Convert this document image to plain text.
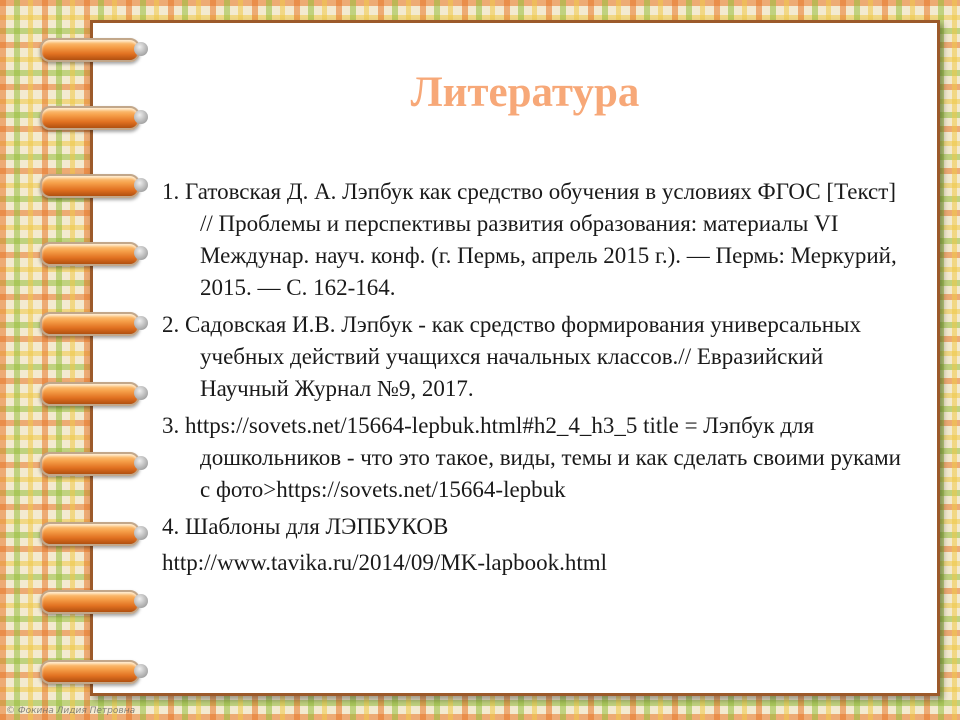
Литература
1. Гатовская Д. А. Лэпбук как средство обучения в условиях ФГОС [Текст] // Проблемы и перспективы развития образования: материалы VI Междунар. науч. конф. (г. Пермь, апрель 2015 г.). — Пермь: Меркурий, 2015. — С. 162-164.
2. Садовская И.В. Лэпбук - как средство формирования универсальных учебных действий учащихся начальных классов.// Евразийский Научный Журнал №9, 2017.
3. https://sovets.net/15664-lepbuk.html#h2_4_h3_5 title = Лэпбук для дошкольников - что это такое, виды, темы и как сделать своими руками с фото>https://sovets.net/15664-lepbuk
4. Шаблоны для ЛЭПБУКОВ
http://www.tavika.ru/2014/09/MK-lapbook.html
© Фокина Лидия Петровна
